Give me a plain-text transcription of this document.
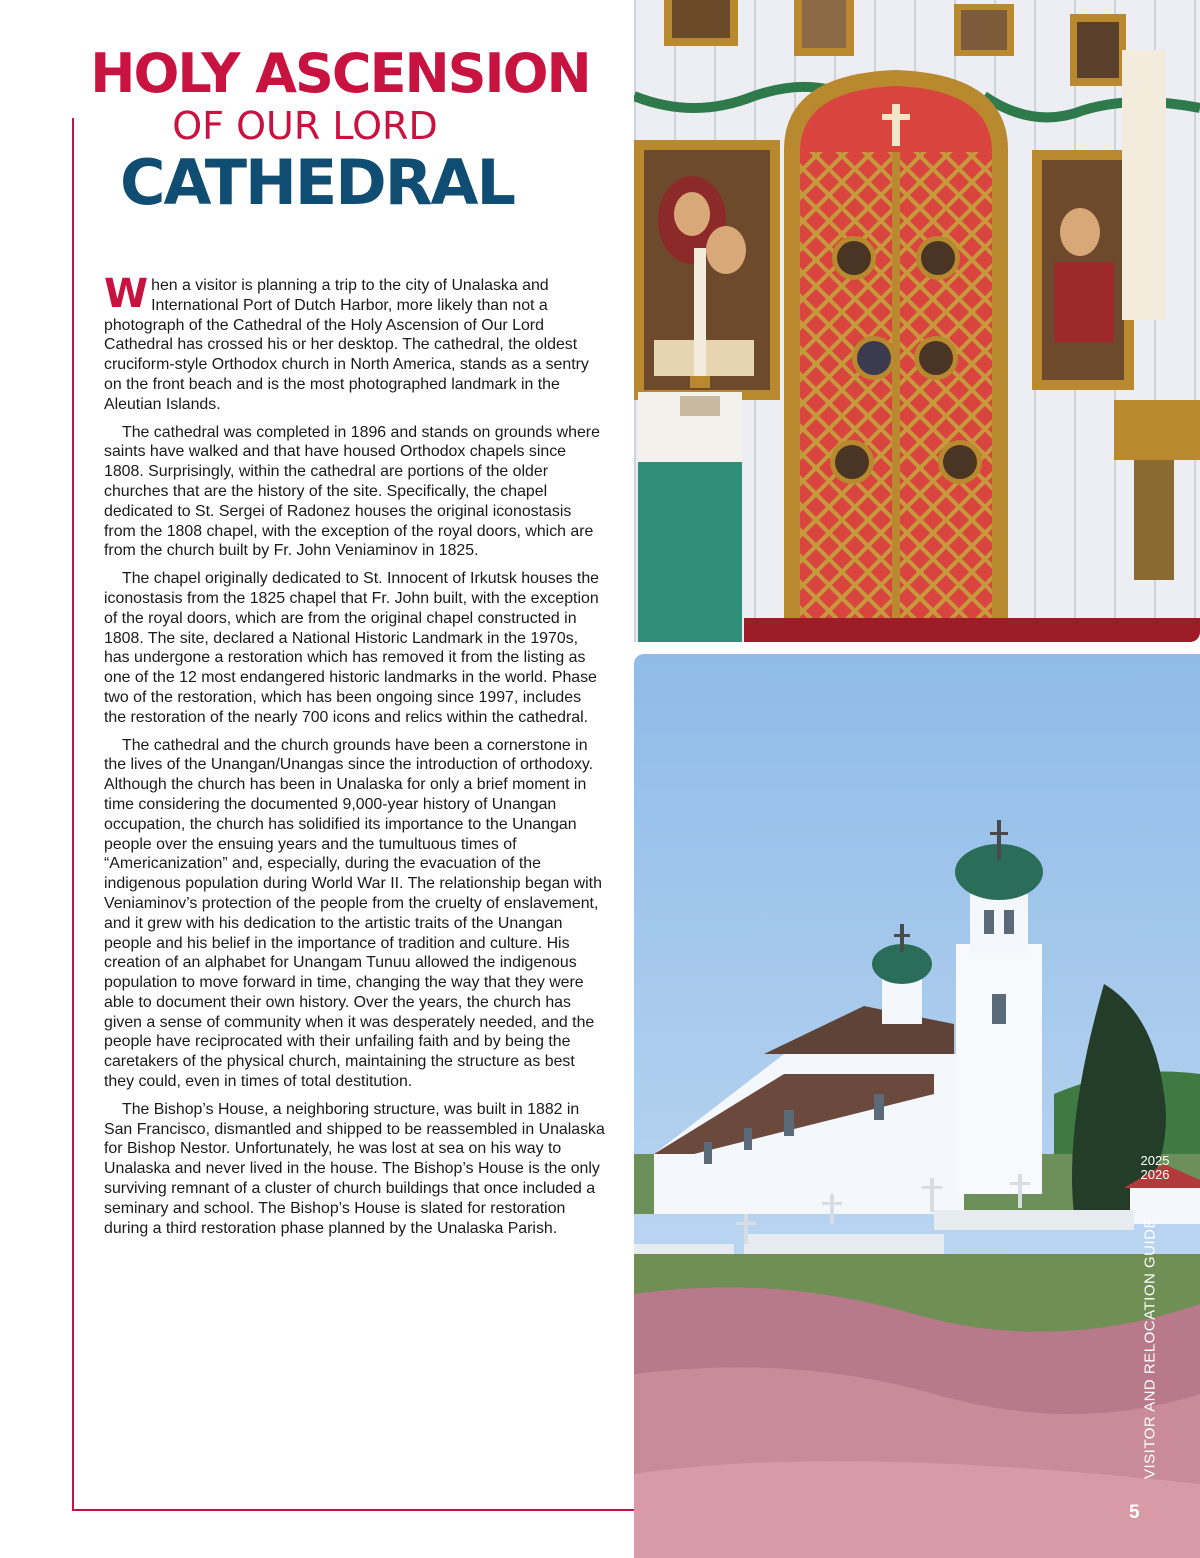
HOLY ASCENSION
OF OUR LORD
CATHEDRAL

When a visitor is planning a trip to the city of Unalaska and International Port of Dutch Harbor, more likely than not a photograph of the Cathedral of the Holy Ascension of Our Lord Cathedral has crossed his or her desktop. The cathedral, the oldest cruciform-style Orthodox church in North America, stands as a sentry on the front beach and is the most photographed landmark in the Aleutian Islands.

The cathedral was completed in 1896 and stands on grounds where saints have walked and that have housed Orthodox chapels since 1808. Surprisingly, within the cathedral are portions of the older churches that are the history of the site. Specifically, the chapel dedicated to St. Sergei of Radonez houses the original iconostasis from the 1808 chapel, with the exception of the royal doors, which are from the church built by Fr. John Veniaminov in 1825.

The chapel originally dedicated to St. Innocent of Irkutsk houses the iconostasis from the 1825 chapel that Fr. John built, with the exception of the royal doors, which are from the original chapel constructed in 1808. The site, declared a National Historic Landmark in the 1970s, has undergone a restoration which has removed it from the listing as one of the 12 most endangered historic landmarks in the world. Phase two of the restoration, which has been ongoing since 1997, includes the restoration of the nearly 700 icons and relics within the cathedral.

The cathedral and the church grounds have been a cornerstone in the lives of the Unangan/Unangas since the introduction of orthodoxy. Although the church has been in Unalaska for only a brief moment in time considering the documented 9,000-year history of Unangan occupation, the church has solidified its importance to the Unangan people over the ensuing years and the tumultuous times of “Americanization” and, especially, during the evacuation of the indigenous population during World War II. The relationship began with Veniaminov’s protection of the people from the cruelty of enslavement, and it grew with his dedication to the artistic traits of the Unangan people and his belief in the importance of tradition and culture. His creation of an alphabet for Unangam Tunuu allowed the indigenous population to move forward in time, changing the way that they were able to document their own history. Over the years, the church has given a sense of community when it was desperately needed, and the people have reciprocated with their unfailing faith and by being the caretakers of the physical church, maintaining the structure as best they could, even in times of total destitution.

The Bishop’s House, a neighboring structure, was built in 1882 in San Francisco, dismantled and shipped to be reassembled in Unalaska for Bishop Nestor. Unfortunately, he was lost at sea on his way to Unalaska and never lived in the house. The Bishop’s House is the only surviving remnant of a cluster of church buildings that once included a seminary and school. The Bishop’s House is slated for restoration during a third restoration phase planned by the Unalaska Parish.

2025
2026
VISITOR AND RELOCATION GUIDE
5
